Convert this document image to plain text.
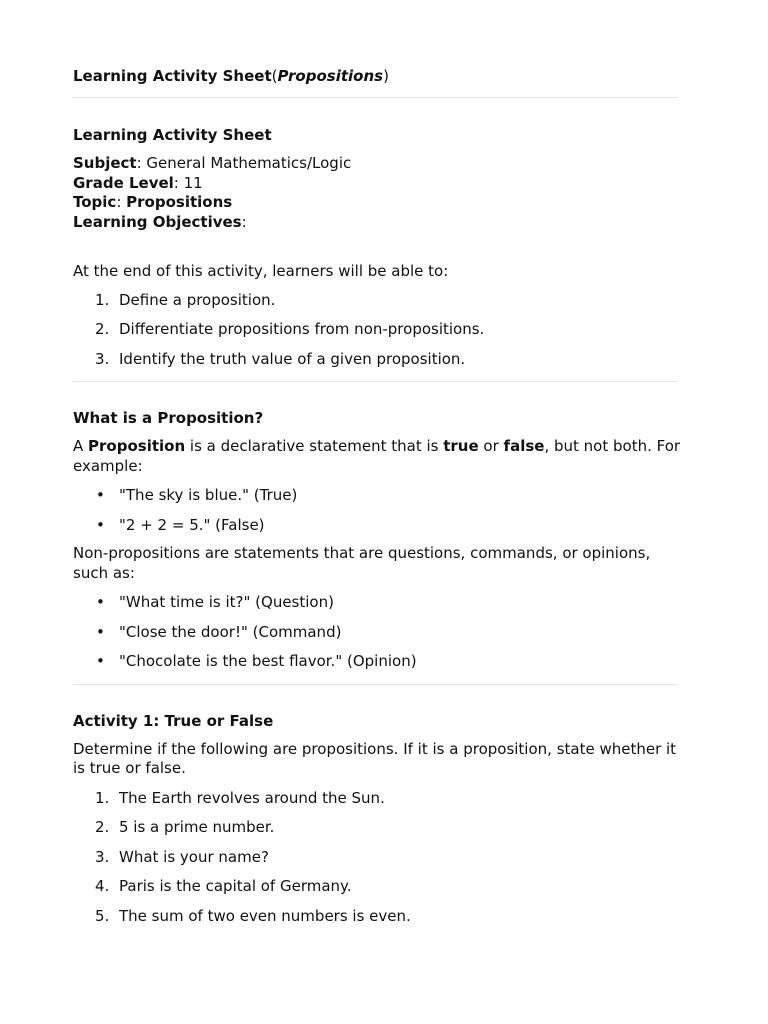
Learning Activity Sheet(Propositions)
Learning Activity Sheet

Subject: General Mathematics/Logic

Grade Level: 11

Topic: Propositions

Learning Objectives:

At the end of this activity, learners will be able to:

1. Define a proposition.
2. Differentiate propositions from non-propositions.
3. Identify the truth value of a given proposition.
What is a Proposition?

A Proposition is a declarative statement that is true or false, but not both. For example:

• "The sky is blue." (True)
• "2 + 2 = 5." (False)

Non-propositions are statements that are questions, commands, or opinions, such as:

• "What time is it?" (Question)
• "Close the door!" (Command)
• "Chocolate is the best flavor." (Opinion)
Activity 1: True or False

Determine if the following are propositions. If it is a proposition, state whether it is true or false.

1. The Earth revolves around the Sun.
2. 5 is a prime number.
3. What is your name?
4. Paris is the capital of Germany.
5. The sum of two even numbers is even.
